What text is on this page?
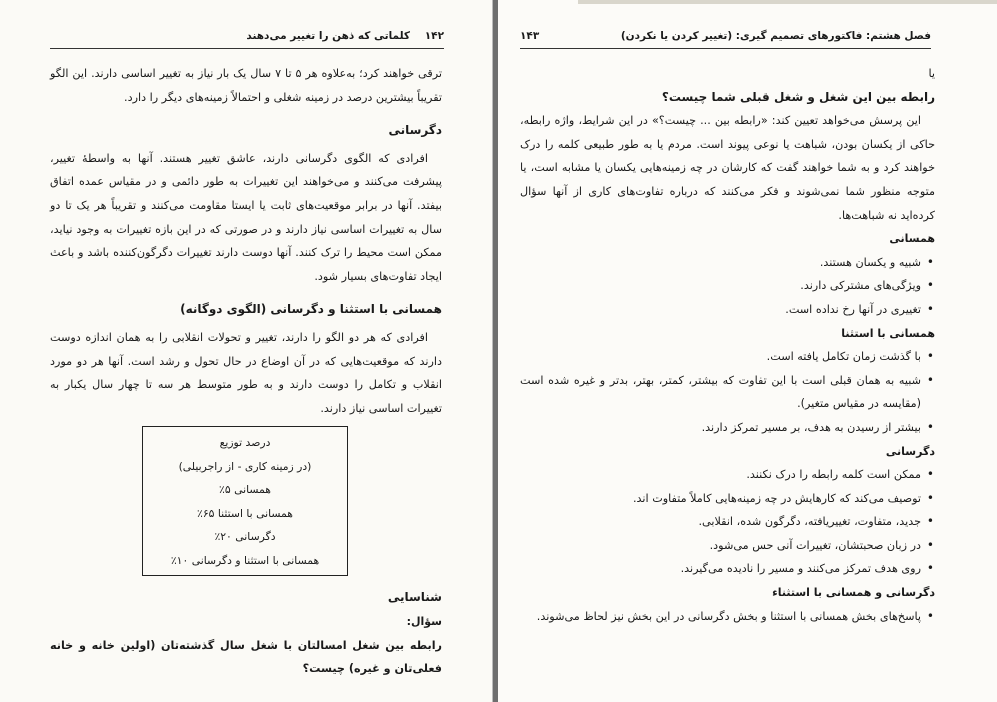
۱۴۲
کلماتی که ذهن را تغییر می‌دهند

ترقی خواهند کرد؛ به‌علاوه هر ۵ تا ۷ سال یک بار نیاز به تغییر اساسی دارند. این الگو تقریباً بیشترین درصد در زمینه شغلی و احتمالاً زمینه‌های دیگر را دارد.

دگرسانی

افرادی که الگوی دگرسانی دارند، عاشق تغییر هستند. آنها به واسطهٔ تغییر، پیشرفت می‌کنند و می‌خواهند این تغییرات به طور دائمی و در مقیاس عمده اتفاق بیفتد. آنها در برابر موقعیت‌های ثابت یا ایستا مقاومت می‌کنند و تقریباً هر یک تا دو سال به تغییرات اساسی نیاز دارند و در صورتی که در این بازه تغییرات به وجود نیاید، ممکن است محیط را ترک کنند. آنها دوست دارند تغییرات دگرگون‌کننده باشد و باعث ایجاد تفاوت‌های بسیار شود.

همسانی با استثنا و دگرسانی (الگوی دوگانه)

افرادی که هر دو الگو را دارند، تغییر و تحولات انقلابی را به همان اندازه دوست دارند که موقعیت‌هایی که در آن اوضاع در حال تحول و رشد است. آنها هر دو مورد انقلاب و تکامل را دوست دارند و به طور متوسط هر سه تا چهار سال یکبار به تغییرات اساسی نیاز دارند.

درصد توزیع
(در زمینه کاری - از راجربیلی)
همسانی ۵٪
همسانی با استثنا ۶۵٪
دگرسانی ۲۰٪
همسانی با استثنا و دگرسانی ۱۰٪
شناسایی

سؤال:

رابطه بین شغل امسالتان با شغل سال گذشته‌تان (اولین خانه و خانه فعلی‌تان و غیره) چیست؟

فصل هشتم: فاکتورهای تصمیم گیری: (تغییر کردن یا نکردن)
۱۴۳

یا

رابطه بین این شغل و شغل قبلی شما چیست؟

این پرسش می‌خواهد تعیین کند: «رابطه بین ... چیست؟» در این شرایط، واژه رابطه، حاکی از یکسان بودن، شباهت یا نوعی پیوند است. مردم یا به طور طبیعی کلمه را درک خواهند کرد و به شما خواهند گفت که کارشان در چه زمینه‌هایی یکسان یا مشابه است، یا متوجه منظور شما نمی‌شوند و فکر می‌کنند که درباره تفاوت‌های کاری از آنها سؤال کرده‌اید نه شباهت‌ها.

همسانی

• شبیه و یکسان هستند.
• ویژگی‌های مشترکی دارند.
• تغییری در آنها رخ نداده است.

همسانی با استثنا

• با گذشت زمان تکامل یافته است.
• شبیه به همان قبلی است با این تفاوت که بیشتر، کمتر، بهتر، بدتر و غیره شده است (مقایسه در مقیاس متغیر).
• بیشتر از رسیدن به هدف، بر مسیر تمرکز دارند.

دگرسانی

• ممکن است کلمه رابطه را درک نکنند.
• توصیف می‌کند که کارهایش در چه زمینه‌هایی کاملاً متفاوت اند.
• جدید، متفاوت، تغییریافته، دگرگون شده، انقلابی.
• در زبان صحبتشان، تغییرات آنی حس می‌شود.
• روی هدف تمرکز می‌کنند و مسیر را نادیده می‌گیرند.

دگرسانی و همسانی با استثناء

• پاسخ‌های بخش همسانی با استثنا و بخش دگرسانی در این بخش نیز لحاظ می‌شوند.
